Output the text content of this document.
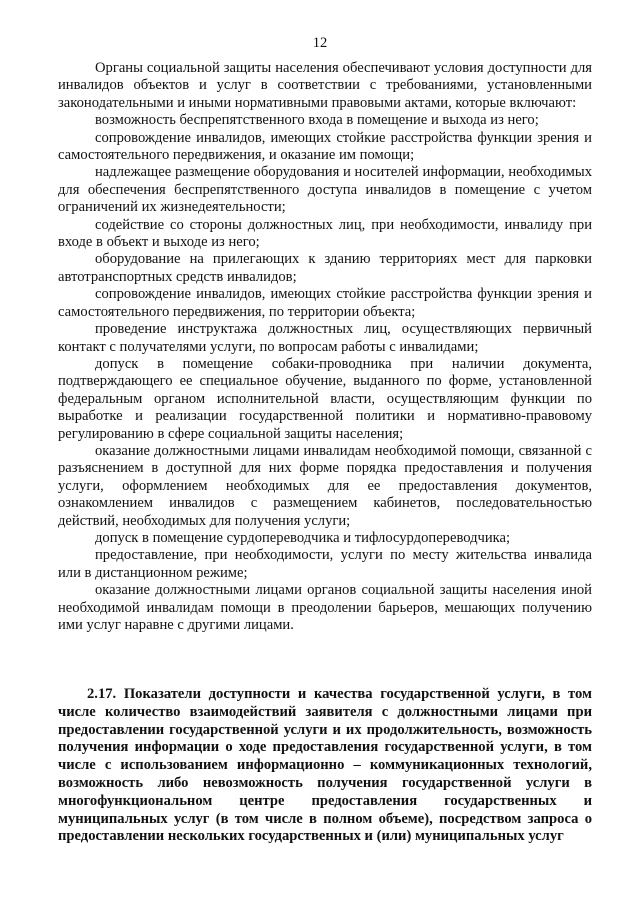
12

Органы социальной защиты населения обеспечивают условия доступности для инвалидов объектов и услуг в соответствии с требованиями, установленными законодательными и иными нормативными правовыми актами, которые включают:

возможность беспрепятственного входа в помещение и выхода из него;

сопровождение инвалидов, имеющих стойкие расстройства функции зрения и самостоятельного передвижения, и оказание им помощи;

надлежащее размещение оборудования и носителей информации, необходимых для обеспечения беспрепятственного доступа инвалидов в помещение с учетом ограничений их жизнедеятельности;

содействие со стороны должностных лиц, при необходимости, инвалиду при входе в объект и выходе из него;

оборудование на прилегающих к зданию территориях мест для парковки автотранспортных средств инвалидов;

сопровождение инвалидов, имеющих стойкие расстройства функции зрения и самостоятельного передвижения, по территории объекта;

проведение инструктажа должностных лиц, осуществляющих первичный контакт с получателями услуги, по вопросам работы с инвалидами;

допуск в помещение собаки-проводника при наличии документа, подтверждающего ее специальное обучение, выданного по форме, установленной федеральным органом исполнительной власти, осуществляющим функции по выработке и реализации государственной политики и нормативно-правовому регулированию в сфере социальной защиты населения;

оказание должностными лицами инвалидам необходимой помощи, связанной с разъяснением в доступной для них форме порядка предоставления и получения услуги, оформлением необходимых для ее предоставления документов, ознакомлением инвалидов с размещением кабинетов, последовательностью действий, необходимых для получения услуги;

допуск в помещение сурдопереводчика и тифлосурдопереводчика;

предоставление, при необходимости, услуги по месту жительства инвалида или в дистанционном режиме;

оказание должностными лицами органов социальной защиты населения иной необходимой инвалидам помощи в преодолении барьеров, мешающих получению ими услуг наравне с другими лицами.

2.17. Показатели доступности и качества государственной услуги, в том числе количество взаимодействий заявителя с должностными лицами при предоставлении государственной услуги и их продолжительность, возможность получения информации о ходе предоставления государственной услуги, в том числе с использованием информационно – коммуникационных технологий, возможность либо невозможность получения государственной услуги в многофункциональном центре предоставления государственных и муниципальных услуг (в том числе в полном объеме), посредством запроса о предоставлении нескольких государственных и (или) муниципальных услуг
